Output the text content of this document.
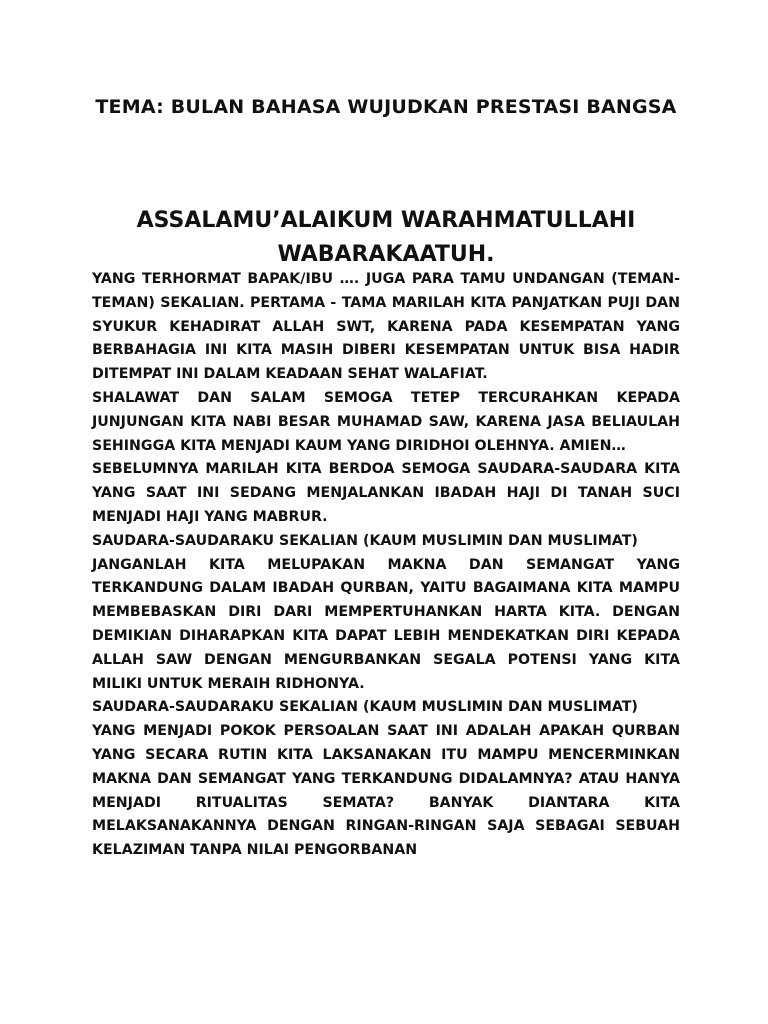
TEMA: BULAN BAHASA WUJUDKAN PRESTASI BANGSA
ASSALAMU’ALAIKUM WARAHMATULLAHI WABARAKAATUH.

YANG TERHORMAT BAPAK/IBU …. JUGA PARA TAMU UNDANGAN (TEMAN-TEMAN) SEKALIAN. PERTAMA - TAMA MARILAH KITA PANJATKAN PUJI DAN SYUKUR KEHADIRAT ALLAH SWT, KARENA PADA KESEMPATAN YANG BERBAHAGIA INI KITA MASIH DIBERI KESEMPATAN UNTUK BISA HADIR DITEMPAT INI DALAM KEADAAN SEHAT WALAFIAT.

SHALAWAT DAN SALAM SEMOGA TETEP TERCURAHKAN KEPADA JUNJUNGAN KITA NABI BESAR MUHAMAD SAW, KARENA JASA BELIAULAH SEHINGGA KITA MENJADI KAUM YANG DIRIDHOI OLEHNYA. AMIEN…

SEBELUMNYA MARILAH KITA BERDOA SEMOGA SAUDARA-SAUDARA KITA YANG SAAT INI SEDANG MENJALANKAN IBADAH HAJI DI TANAH SUCI MENJADI HAJI YANG MABRUR.

SAUDARA-SAUDARAKU SEKALIAN (KAUM MUSLIMIN DAN MUSLIMAT)

JANGANLAH KITA MELUPAKAN MAKNA DAN SEMANGAT YANG TERKANDUNG DALAM IBADAH QURBAN, YAITU BAGAIMANA KITA MAMPU MEMBEBASKAN DIRI DARI MEMPERTUHANKAN HARTA KITA. DENGAN DEMIKIAN DIHARAPKAN KITA DAPAT LEBIH MENDEKATKAN DIRI KEPADA ALLAH SAW DENGAN MENGURBANKAN SEGALA POTENSI YANG KITA MILIKI UNTUK MERAIH RIDHONYA.

SAUDARA-SAUDARAKU SEKALIAN (KAUM MUSLIMIN DAN MUSLIMAT)

YANG MENJADI POKOK PERSOALAN SAAT INI ADALAH APAKAH QURBAN YANG SECARA RUTIN KITA LAKSANAKAN ITU MAMPU MENCERMINKAN MAKNA DAN SEMANGAT YANG TERKANDUNG DIDALAMNYA? ATAU HANYA MENJADI RITUALITAS SEMATA? BANYAK DIANTARA KITA MELAKSANAKANNYA DENGAN RINGAN-RINGAN SAJA SEBAGAI SEBUAH KELAZIMAN TANPA NILAI PENGORBANAN
